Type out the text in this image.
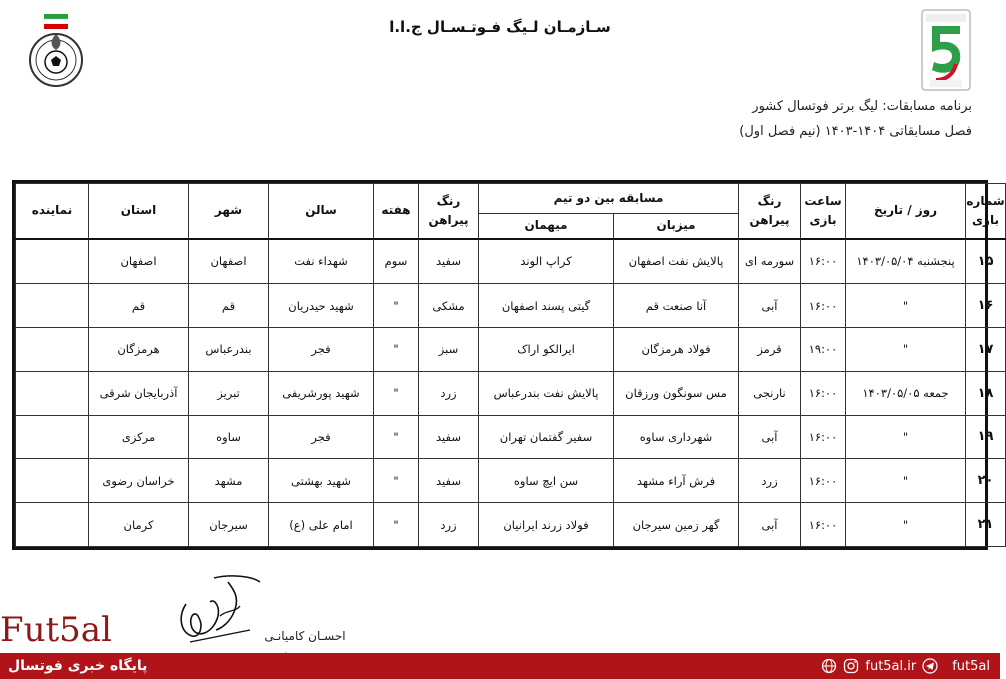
سـازمـان لـیگ فـوتـسـال ج.ا.ا
برنامه مسابقات: لیگ برتر فوتسال کشور
فصل مسابقاتی ۱۴۰۴-۱۴۰۳ (نیم فصل اول)
شماره بازی	روز / تاریخ	ساعت بازی	رنگ پیراهن	مسابقه بین دو تیم		رنگ پیراهن	هفته	سالن	شهر	استان	نماینده
				میزبان	میهمان						
۱۵	پنجشنبه ۱۴۰۳/۰۵/۰۴	۱۶:۰۰	سورمه ای	پالایش نفت اصفهان	کراپ الوند	سفید	سوم	شهداء نفت	اصفهان	اصفهان	
۱۶	"	۱۶:۰۰	آبی	آنا صنعت قم	گیتی پسند اصفهان	مشکی	"	شهید حیدریان	قم	قم	
۱۷	"	۱۹:۰۰	قرمز	فولاد هرمزگان	ایرالکو اراک	سبز	"	فجر	بندرعباس	هرمزگان	
۱۸	جمعه ۱۴۰۳/۰۵/۰۵	۱۶:۰۰	نارنجی	مس سونگون ورزقان	پالایش نفت بندرعباس	زرد	"	شهید پورشریفی	تبریز	آذربایجان شرقی	
۱۹	"	۱۶:۰۰	آبی	شهرداری ساوه	سفیر گفتمان تهران	سفید	"	فجر	ساوه	مرکزی	
۲۰	"	۱۶:۰۰	زرد	فرش آراء مشهد	سن ایچ ساوه	سفید	"	شهید بهشتی	مشهد	خراسان رضوی	
۲۱	"	۱۶:۰۰	آبی	گهر زمین سیرجان	فولاد زرند ایرانیان	زرد	"	امام علی (ع)	سیرجان	کرمان	
احسـان کامیانـی
Fut5al
پایگاه خبری فوتسال	fut5al.ir	fut5al
